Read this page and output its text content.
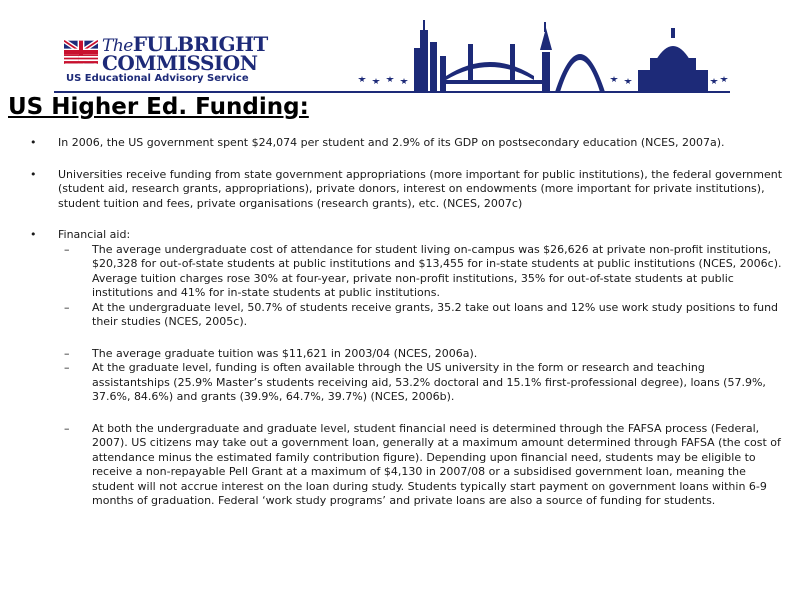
TheFULBRIGHT
COMMISSION
US Educational Advisory Service
US Higher Ed. Funding:

• In 2006, the US government spent $24,074 per student and 2.9% of its GDP on postsecondary education (NCES, 2007a).

• Universities receive funding from state government appropriations (more important for public institutions), the federal government (student aid, research grants, appropriations), private donors, interest on endowments (more important for private institutions), student tuition and fees, private organisations (research grants), etc. (NCES, 2007c)

• Financial aid:

– The average undergraduate cost of attendance for student living on-campus was $26,626 at private non-profit institutions, $20,328 for out-of-state students at public institutions and $13,455 for in-state students at public institutions (NCES, 2006c). Average tuition charges rose 30% at four-year, private non-profit institutions, 35% for out-of-state students at public institutions and 41% for in-state students at public institutions.

– At the undergraduate level, 50.7% of students receive grants, 35.2 take out loans and 12% use work study positions to fund their studies (NCES, 2005c).

– The average graduate tuition was $11,621 in 2003/04 (NCES, 2006a).

– At the graduate level, funding is often available through the US university in the form or research and teaching assistantships (25.9% Master’s students receiving aid, 53.2% doctoral and 15.1% first-professional degree), loans (57.9%, 37.6%, 84.6%) and grants (39.9%, 64.7%, 39.7%) (NCES, 2006b).

– At both the undergraduate and graduate level, student financial need is determined through the FAFSA process (Federal, 2007). US citizens may take out a government loan, generally at a maximum amount determined through FAFSA (the cost of attendance minus the estimated family contribution figure). Depending upon financial need, students may be eligible to receive a non-repayable Pell Grant at a maximum of $4,130 in 2007/08 or a subsidised government loan, meaning the student will not accrue interest on the loan during study. Students typically start payment on government loans within 6-9 months of graduation. Federal ‘work study programs’ and private loans are also a source of funding for students.
